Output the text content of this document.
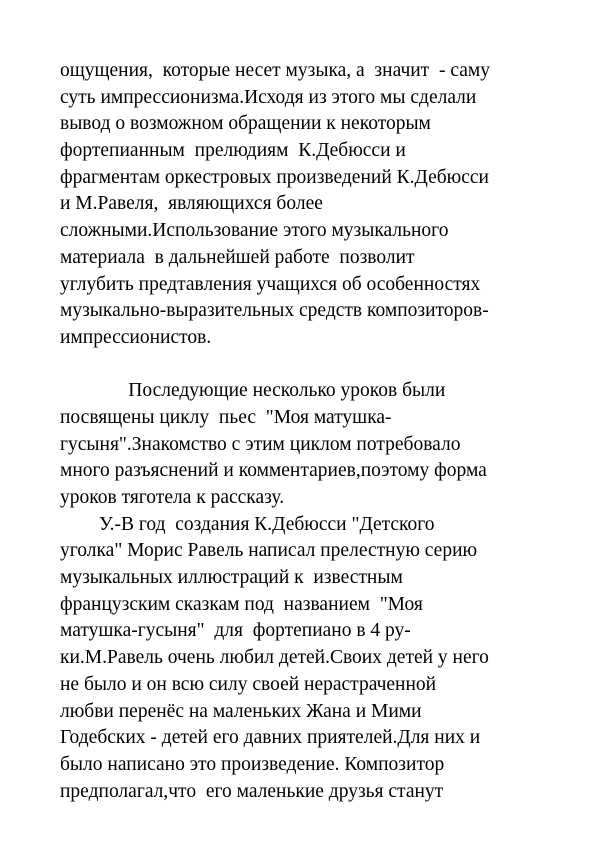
ощущения,  которые несет музыка, а  значит  - саму
суть импрессионизма.Исходя из этого мы сделали
вывод о возможном обращении к некоторым
фортепианным  прелюдиям  К.Дебюсси и
фрагментам оркестровых произведений К.Дебюсси
и М.Равеля,  являющихся более
сложными.Использование этого музыкального
материала  в дальнейшей работе  позволит
углубить предтавления учащихся об особенностях
музыкально-выразительных средств композиторов-
импрессионистов.
Последующие несколько уроков были
посвящены циклу  пьес  "Моя матушка-
гусыня".Знакомство с этим циклом потребовало
много разъяснений и комментариев,поэтому форма
уроков тяготела к рассказу.
У.-В год  создания К.Дебюсси "Детского
уголка" Морис Равель написал прелестную серию
музыкальных иллюстраций к  известным
французским сказкам под  названием  "Моя
матушка-гусыня"  для  фортепиано в 4 ру-
ки.М.Равель очень любил детей.Своих детей у него
не было и он всю силу своей нерастраченной
любви перенёс на маленьких Жана и Мими
Годебских - детей его давних приятелей.Для них и
было написано это произведение. Композитор
предполагал,что  его маленькие друзья станут
